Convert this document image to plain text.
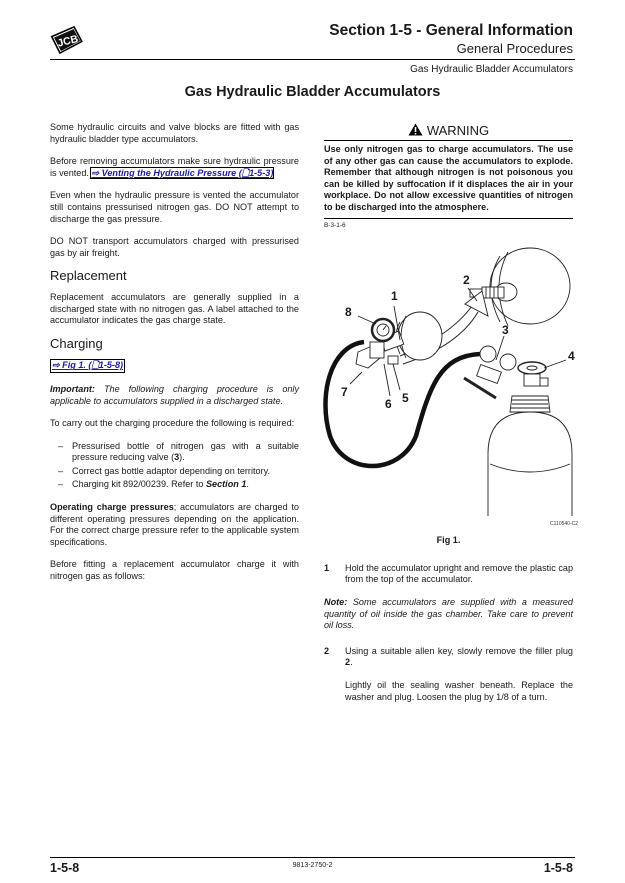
JCB
Section 1-5 - General Information
General Procedures
Gas Hydraulic Bladder Accumulators
Gas Hydraulic Bladder Accumulators

Some hydraulic circuits and valve blocks are fitted with gas hydraulic bladder type accumulators.

Before removing accumulators make sure hydraulic pressure is vented. ⇨ Venting the Hydraulic Pressure (🗋1-5-3)

Even when the hydraulic pressure is vented the accumulator still contains pressurised nitrogen gas. DO NOT attempt to discharge the gas pressure.

DO NOT transport accumulators charged with pressurised gas by air freight.

Replacement

Replacement accumulators are generally supplied in a discharged state with no nitrogen gas. A label attached to the accumulator indicates the gas charge state.

Charging
⇨ Fig 1. (🗋1-5-8)

Important: The following charging procedure is only applicable to accumulators supplied in a discharged state.

To carry out the charging procedure the following is required:

– Pressurised bottle of nitrogen gas with a suitable pressure reducing valve (3).
– Correct gas bottle adaptor depending on territory.
– Charging kit 892/00239. Refer to Section 1.

Operating charge pressures; accumulators are charged to different operating pressures depending on the application. For the correct charge pressure refer to the applicable system specifications.

Before fitting a replacement accumulator charge it with nitrogen gas as follows:

WARNING
Use only nitrogen gas to charge accumulators. The use of any other gas can cause the accumulators to explode. Remember that although nitrogen is not poisonous you can be killed by suffocation if it displaces the air in your workplace. Do not allow excessive quantities of nitrogen to be discharged into the atmosphere.
B-3-1-6
1
2
3
4
5
6
7
8
C110540-C2
Fig 1.
1	Hold the accumulator upright and remove the plastic cap from the top of the accumulator.

Note: Some accumulators are supplied with a measured quantity of oil inside the gas chamber. Take care to prevent oil loss.

2	Using a suitable allen key, slowly remove the filler plug 2.

Lightly oil the sealing washer beneath. Replace the washer and plug. Loosen the plug by 1/8 of a turn.

1-5-8	9813-2750-2	1-5-8
